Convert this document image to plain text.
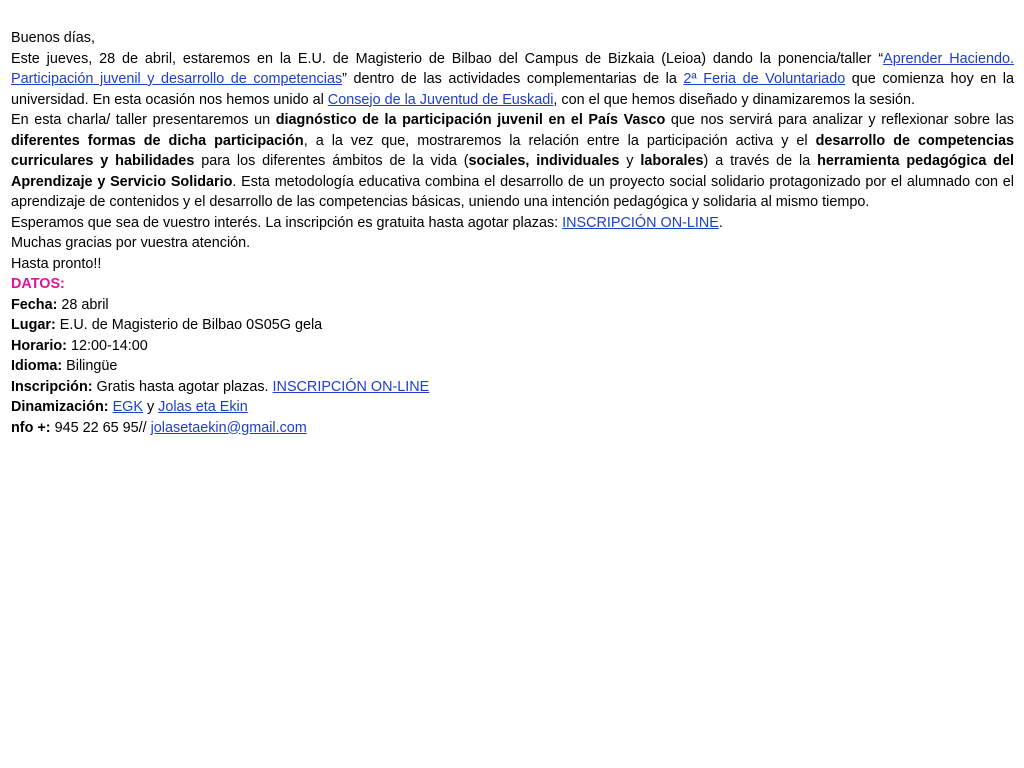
Buenos días,

Este jueves, 28 de abril, estaremos en la E.U. de Magisterio de Bilbao del Campus de Bizkaia (Leioa) dando la ponencia/taller “Aprender Haciendo. Participación juvenil y desarrollo de competencias” dentro de las actividades complementarias de la 2ª Feria de Voluntariado que comienza hoy en la universidad. En esta ocasión nos hemos unido al Consejo de la Juventud de Euskadi, con el que hemos diseñado y dinamizaremos la sesión.

En esta charla/ taller presentaremos un diagnóstico de la participación juvenil en el País Vasco que nos servirá para analizar y reflexionar sobre las diferentes formas de dicha participación, a la vez que, mostraremos la relación entre la participación activa y el desarrollo de competencias curriculares y habilidades para los diferentes ámbitos de la vida (sociales, individuales y laborales) a través de la herramienta pedagógica del Aprendizaje y Servicio Solidario. Esta metodología educativa combina el desarrollo de un proyecto social solidario protagonizado por el alumnado con el aprendizaje de contenidos y el desarrollo de las competencias básicas, uniendo una intención pedagógica y solidaria al mismo tiempo.

Esperamos que sea de vuestro interés. La inscripción es gratuita hasta agotar plazas: INSCRIPCIÓN ON-LINE.

Muchas gracias por vuestra atención.

Hasta pronto!!

DATOS:

Fecha: 28 abril

Lugar: E.U. de Magisterio de Bilbao 0S05G gela

Horario: 12:00-14:00

Idioma: Bilingüe

Inscripción: Gratis hasta agotar plazas. INSCRIPCIÓN ON-LINE

Dinamización: EGK y Jolas eta Ekin

nfo +: 945 22 65 95// jolasetaekin@gmail.com
